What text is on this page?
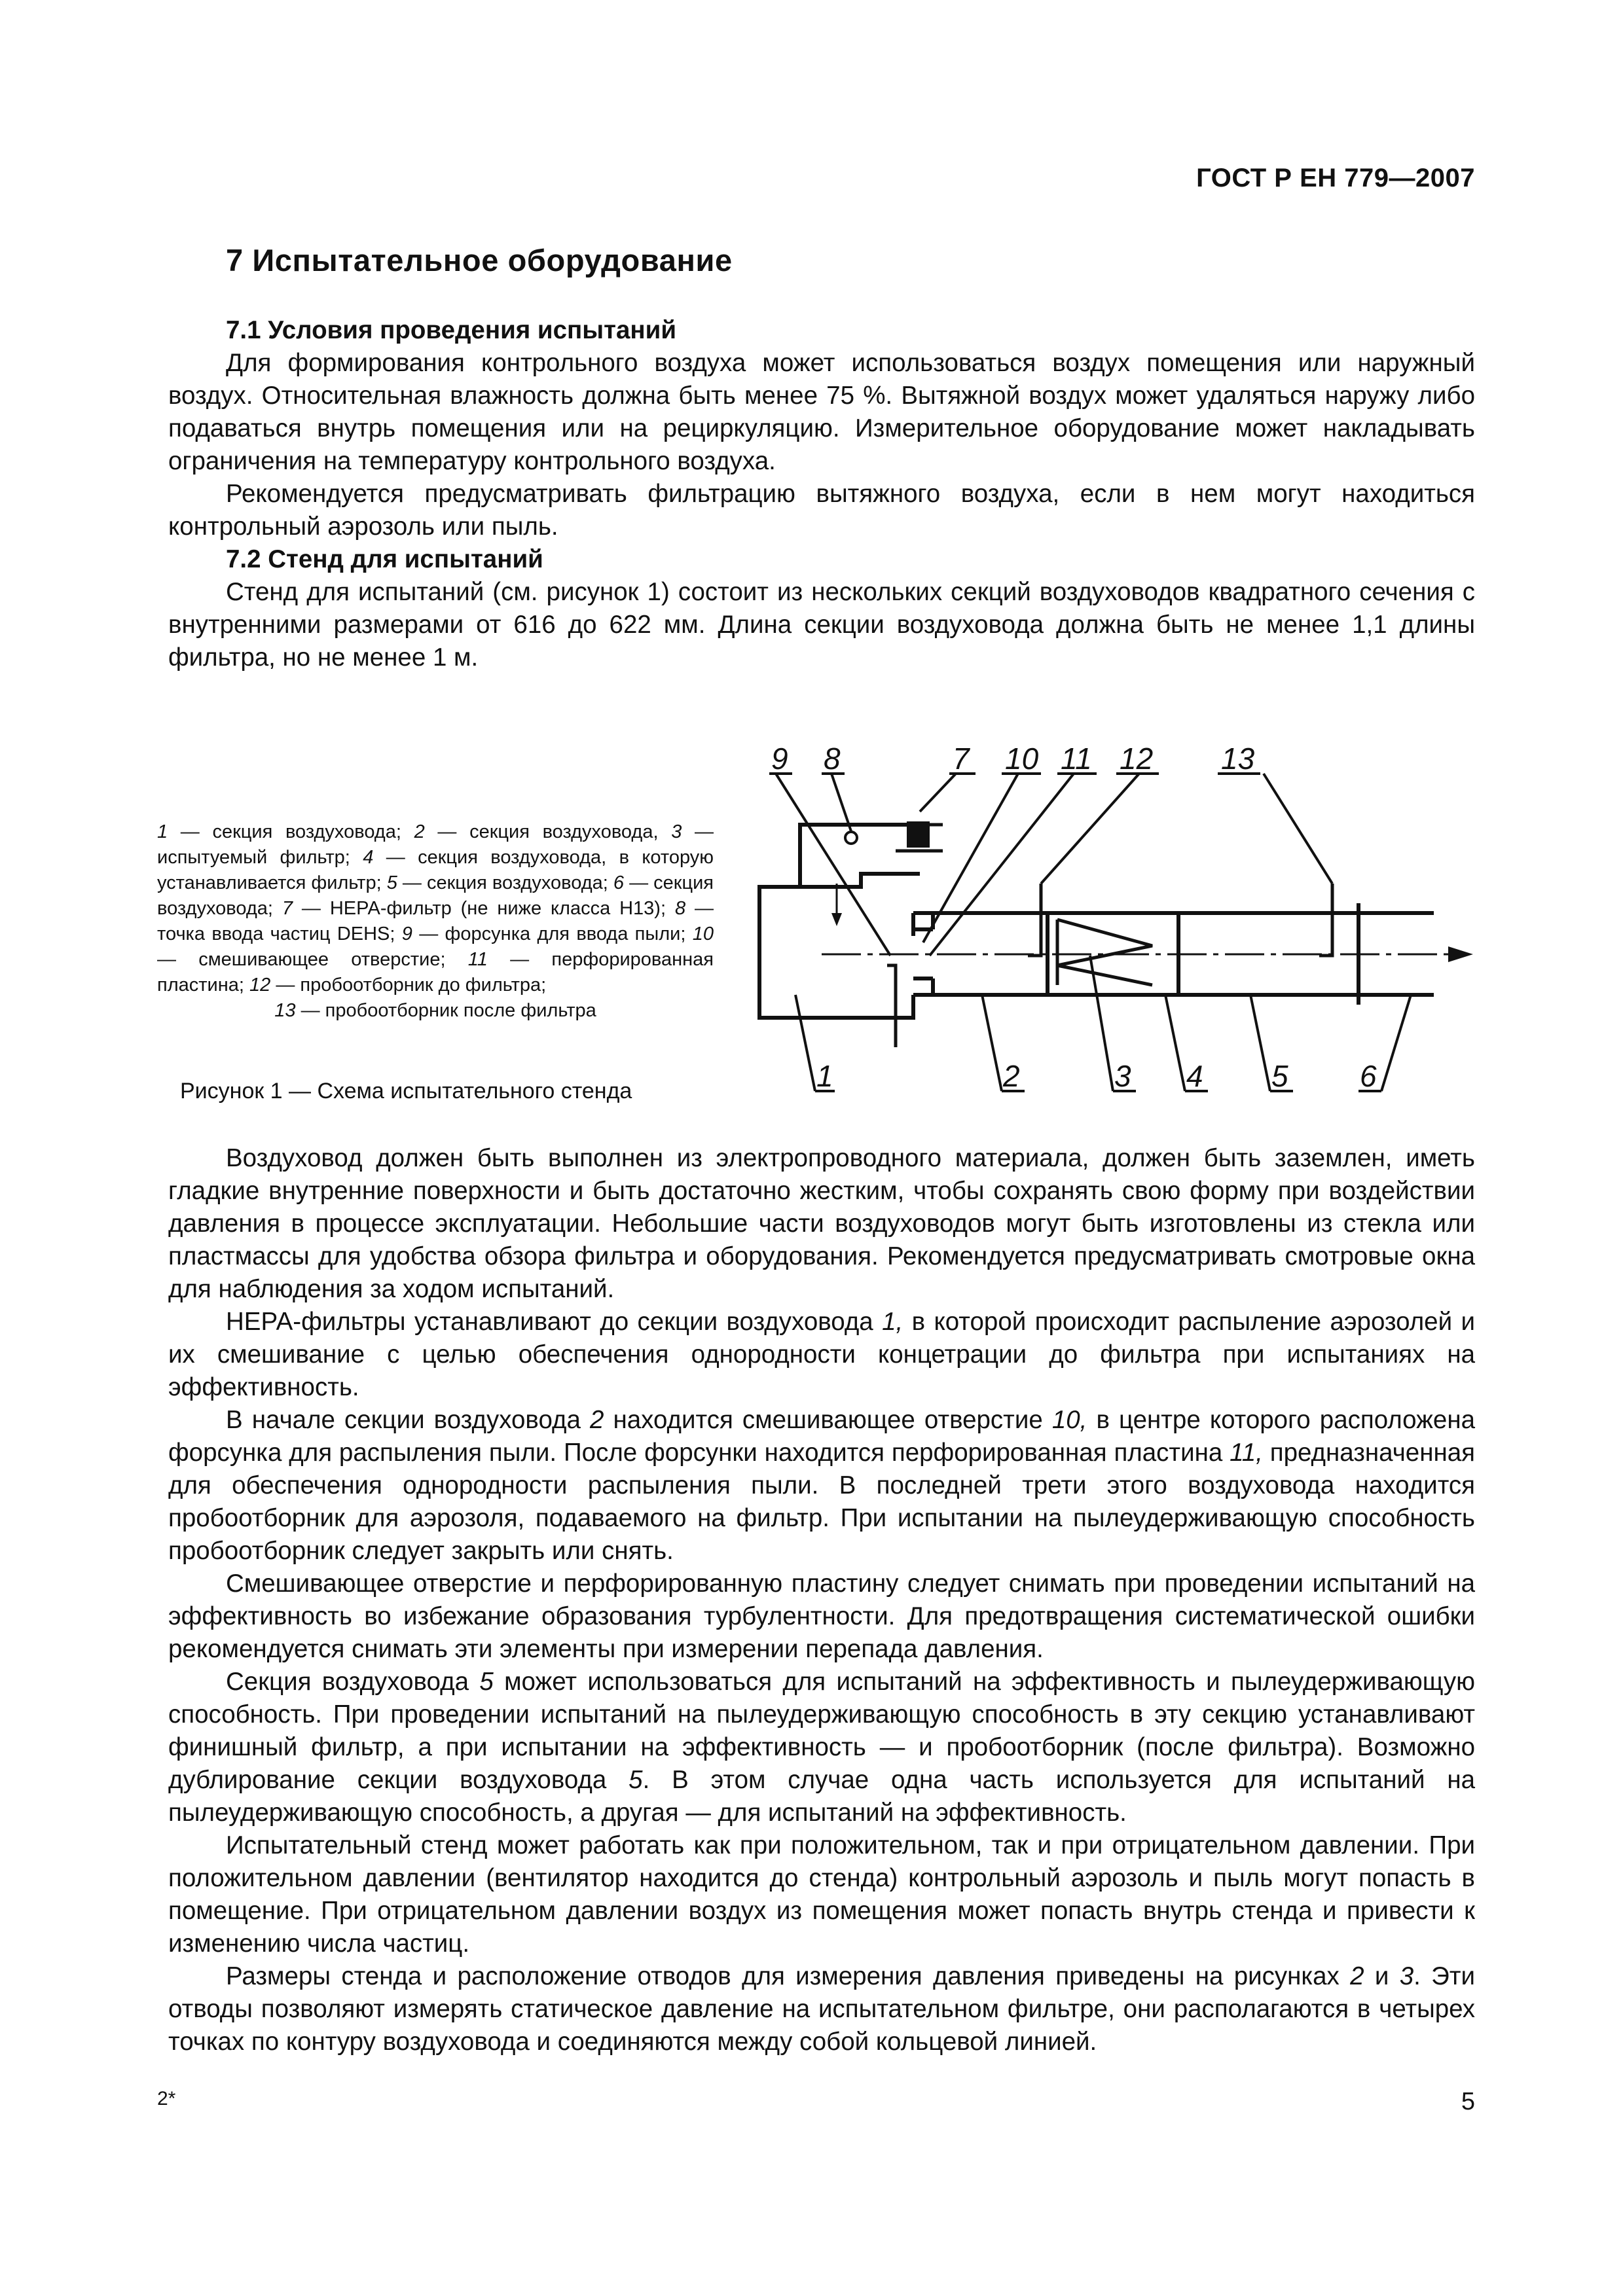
ГОСТ Р ЕН 779—2007
7 Испытательное оборудование
7.1 Условия проведения испытаний

Для формирования контрольного воздуха может использоваться воздух помещения или наружный воздух. Относительная влажность должна быть менее 75 %. Вытяжной воздух может удаляться наружу либо подаваться внутрь помещения или на рециркуляцию. Измерительное оборудование может накладывать ограничения на температуру контрольного воздуха.

Рекомендуется предусматривать фильтрацию вытяжного воздуха, если в нем могут находиться контрольный аэрозоль или пыль.

7.2 Стенд для испытаний

Стенд для испытаний (см. рисунок 1) состоит из нескольких секций воздуховодов квадратного сечения с внутренними размерами от 616 до 622 мм. Длина секции воздуховода должна быть не менее 1,1 длины фильтра, но не менее 1 м.

1 — секция воздуховода; 2 — секция воздуховода, 3 — испытуемый фильтр; 4 — секция воздуховода, в которую устанавливается фильтр; 5 — секция воздуховода; 6 — секция воздуховода; 7 — НЕРА-фильтр (не ниже класса Н13); 8 — точка ввода частиц DEHS; 9 — форсунка для ввода пыли; 10 — смешивающее отверстие; 11 — перфорированная пластина; 12 — пробоотборник до фильтра;
13 — пробоотборник после фильтра
Рисунок 1 — Схема испытательного стенда
9 8	7 10 11 12 13
1	2	3 4 5 6

Воздуховод должен быть выполнен из электропроводного материала, должен быть заземлен, иметь гладкие внутренние поверхности и быть достаточно жестким, чтобы сохранять свою форму при воздействии давления в процессе эксплуатации. Небольшие части воздуховодов могут быть изготовлены из стекла или пластмассы для удобства обзора фильтра и оборудования. Рекомендуется предусматривать смотровые окна для наблюдения за ходом испытаний.

НЕРА-фильтры устанавливают до секции воздуховода 1, в которой происходит распыление аэрозолей и их смешивание с целью обеспечения однородности концетрации до фильтра при испытаниях на эффективность.

В начале секции воздуховода 2 находится смешивающее отверстие 10, в центре которого расположена форсунка для распыления пыли. После форсунки находится перфорированная пластина 11, предназначенная для обеспечения однородности распыления пыли. В последней трети этого воздуховода находится пробоотборник для аэрозоля, подаваемого на фильтр. При испытании на пылеудерживающую способность пробоотборник следует закрыть или снять.

Смешивающее отверстие и перфорированную пластину следует снимать при проведении испытаний на эффективность во избежание образования турбулентности. Для предотвращения систематической ошибки рекомендуется снимать эти элементы при измерении перепада давления.

Секция воздуховода 5 может использоваться для испытаний на эффективность и пылеудерживающую способность. При проведении испытаний на пылеудерживающую способность в эту секцию устанавливают финишный фильтр, а при испытании на эффективность — и пробоотборник (после фильтра). Возможно дублирование секции воздуховода 5. В этом случае одна часть используется для испытаний на пылеудерживающую способность, а другая — для испытаний на эффективность.

Испытательный стенд может работать как при положительном, так и при отрицательном давлении. При положительном давлении (вентилятор находится до стенда) контрольный аэрозоль и пыль могут попасть в помещение. При отрицательном давлении воздух из помещения может попасть внутрь стенда и привести к изменению числа частиц.

Размеры стенда и расположение отводов для измерения давления приведены на рисунках 2 и 3. Эти отводы позволяют измерять статическое давление на испытательном фильтре, они располагаются в четырех точках по контуру воздуховода и соединяются между собой кольцевой линией.

2*	5
